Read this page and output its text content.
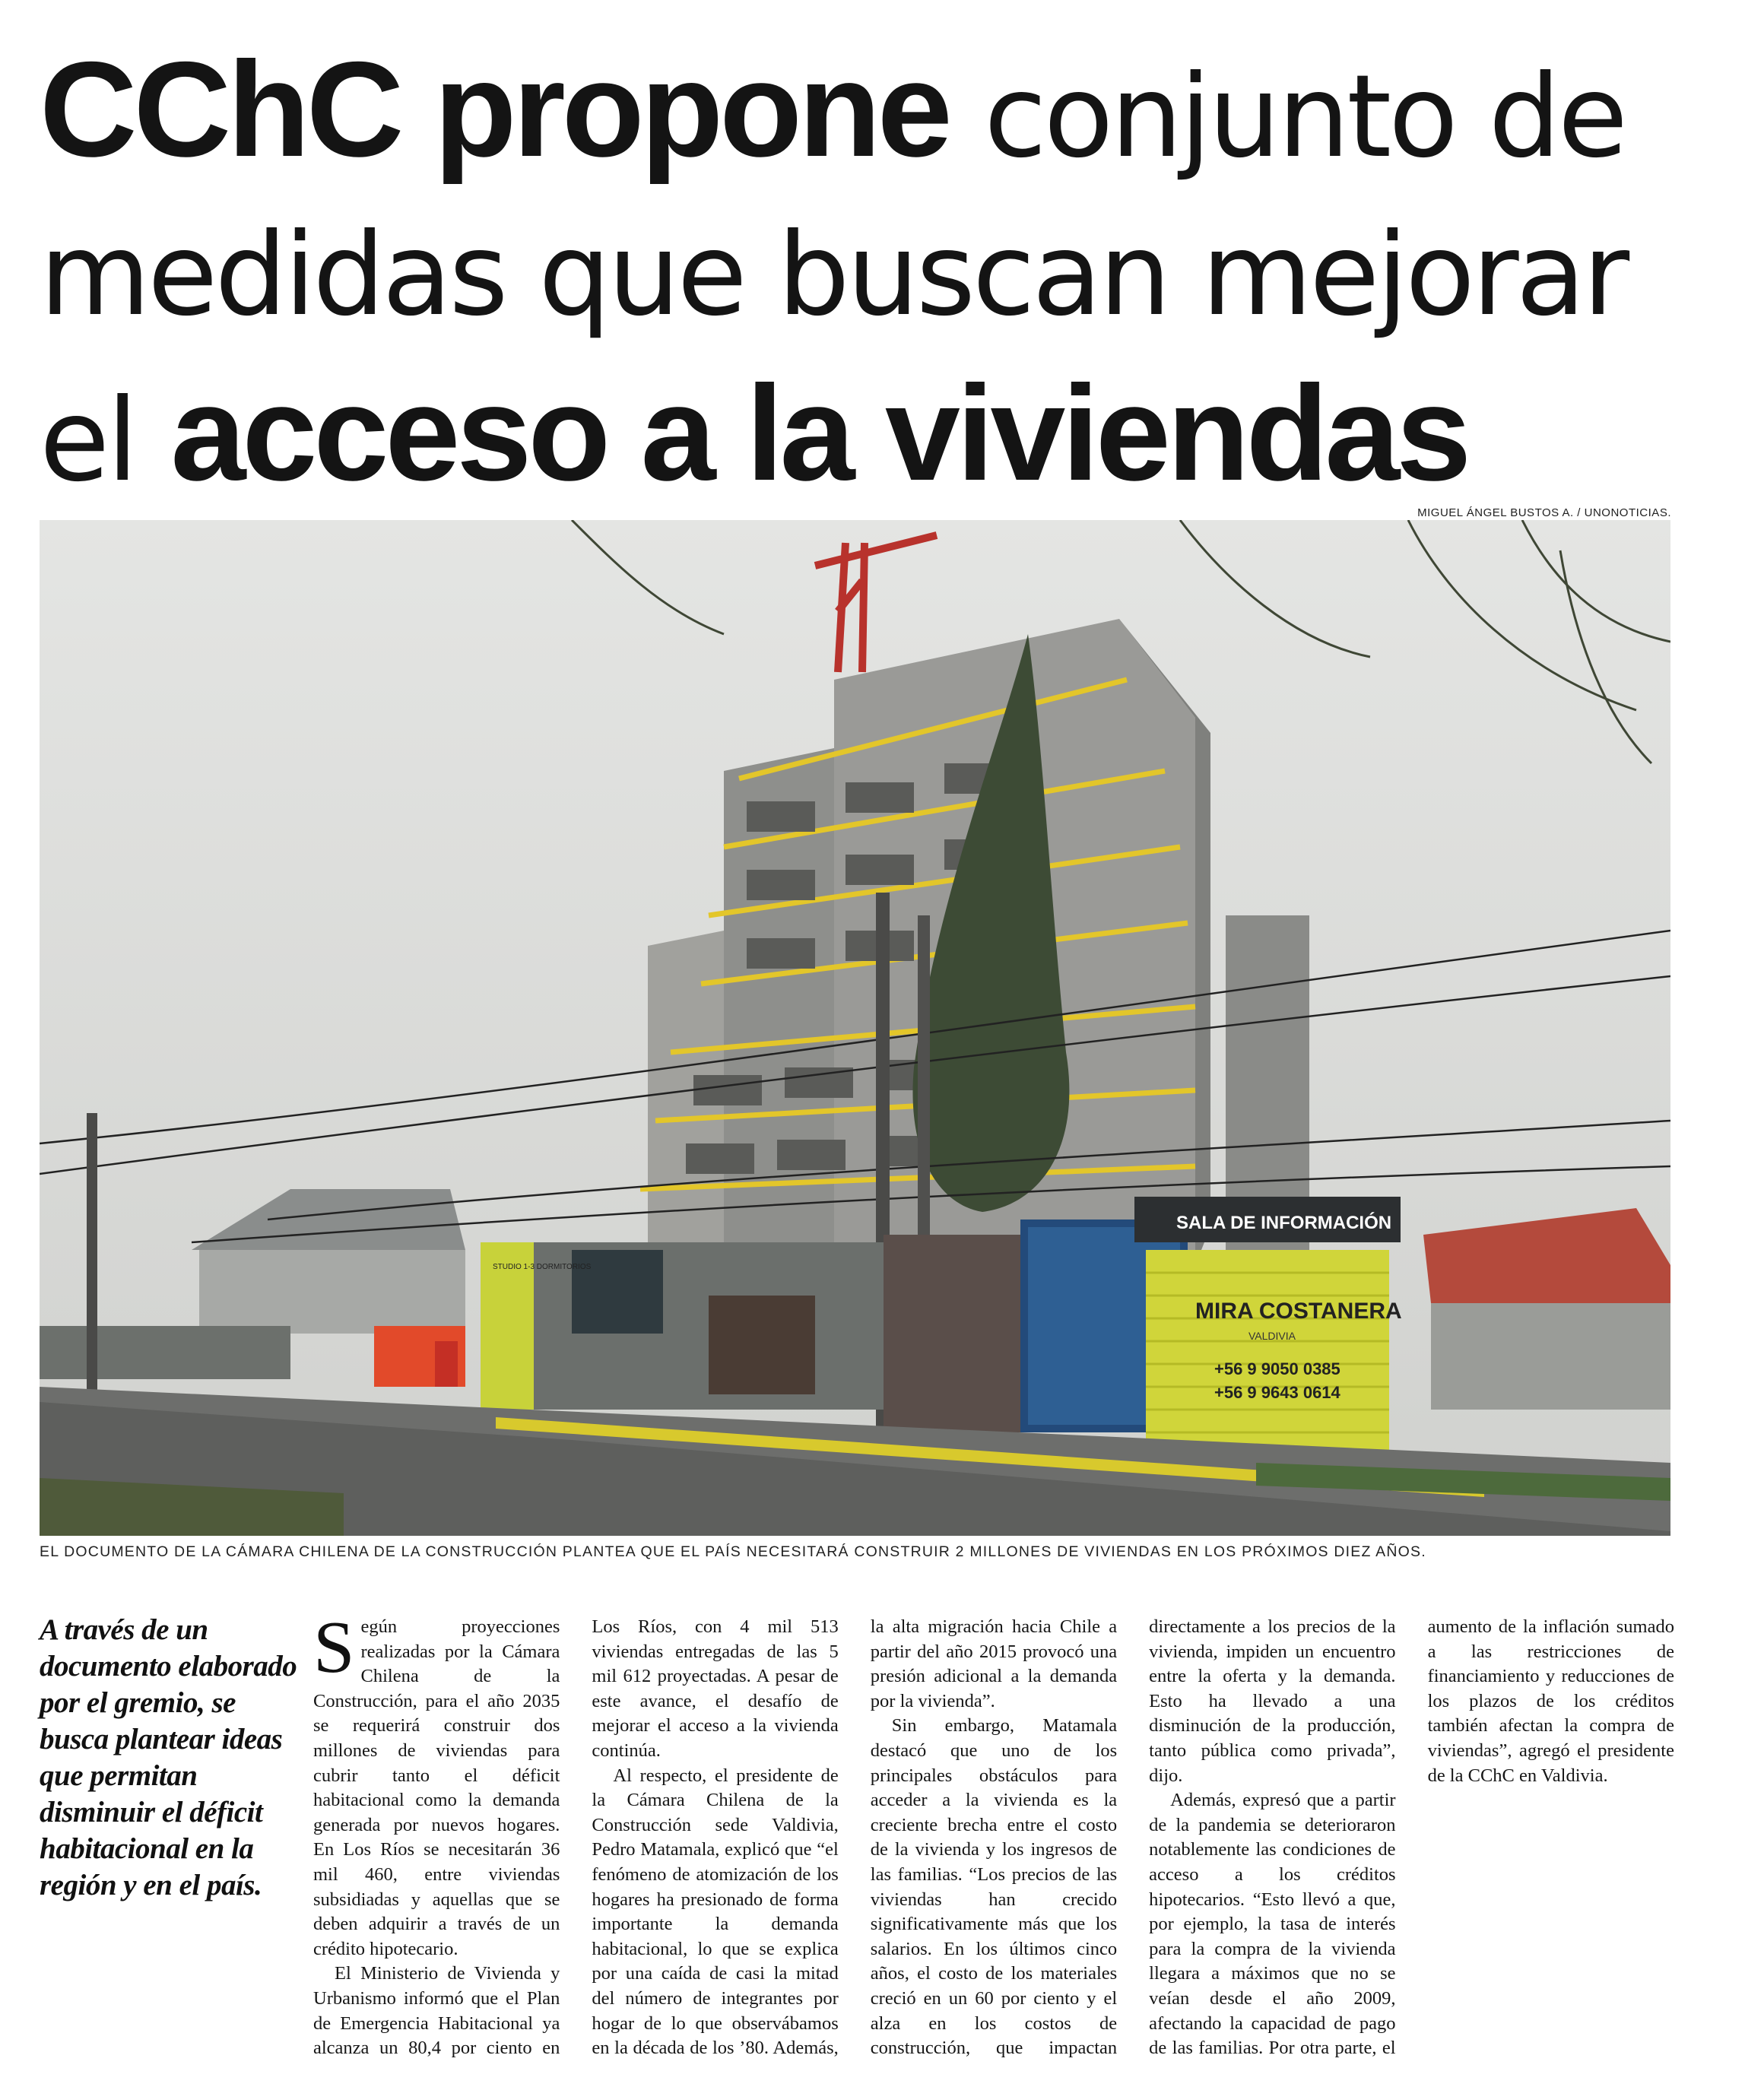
CChC propone conjunto de
medidas que buscan mejorar
el acceso a la viviendas
MIGUEL ÁNGEL BUSTOS A. / UNONOTICIAS.
SALA DE INFORMACIÓN
MIRA COSTANERA
VALDIVIA
+56 9 9050 0385
+56 9 9643 0614
STUDIO 1-3 DORMITORIOS
EL DOCUMENTO DE LA CÁMARA CHILENA DE LA CONSTRUCCIÓN PLANTEA QUE EL PAÍS NECESITARÁ CONSTRUIR 2 MILLONES DE VIVIENDAS EN LOS PRÓXIMOS DIEZ AÑOS.
A través de un documento elaborado por el gremio, se busca plantear ideas que permitan disminuir el déficit habitacional en la región y en el país.

Según proyecciones realizadas por la Cámara Chilena de la Construcción, para el año 2035 se requerirá construir dos millones de viviendas para cubrir tanto el déficit habitacional como la demanda generada por nuevos hogares. En Los Ríos se necesitarán 36 mil 460, entre viviendas subsidiadas y aquellas que se deben adquirir a través de un crédito hipotecario.

El Ministerio de Vivienda y Urbanismo informó que el Plan de Emergencia Habitacional ya alcanza un 80,4 por ciento en Los Ríos, con 4 mil 513 viviendas entregadas de las 5 mil 612 proyectadas. A pesar de este avance, el desafío de mejorar el acceso a la vivienda continúa.

Al respecto, el presidente de la Cámara Chilena de la Construcción sede Valdivia, Pedro Matamala, explicó que “el fenómeno de atomización de los hogares ha presionado de forma importante la demanda habitacional, lo que se explica por una caída de casi la mitad del número de integrantes por hogar de lo que observábamos en la década de los ’80. Además, la alta migración hacia Chile a partir del año 2015 provocó una presión adicional a la demanda por la vivienda”.

Sin embargo, Matamala destacó que uno de los principales obstáculos para acceder a la vivienda es la creciente brecha entre el costo de la vivienda y los ingresos de las familias. “Los precios de las viviendas han crecido significativamente más que los salarios. En los últimos cinco años, el costo de los materiales creció en un 60 por ciento y el alza en los costos de construcción, que impactan directamente a los precios de la vivienda, impiden un encuentro entre la oferta y la demanda. Esto ha llevado a una disminución de la producción, tanto pública como privada”, dijo.

Además, expresó que a partir de la pandemia se deterioraron notablemente las condiciones de acceso a los créditos hipotecarios. “Esto llevó a que, por ejemplo, la tasa de interés para la compra de la vivienda llegara a máximos que no se veían desde el año 2009, afectando la capacidad de pago de las familias. Por otra parte, el aumento de la inflación sumado a las restricciones de financiamiento y reducciones de los plazos de los créditos también afectan la compra de viviendas”, agregó el presidente de la CChC en Valdivia.
